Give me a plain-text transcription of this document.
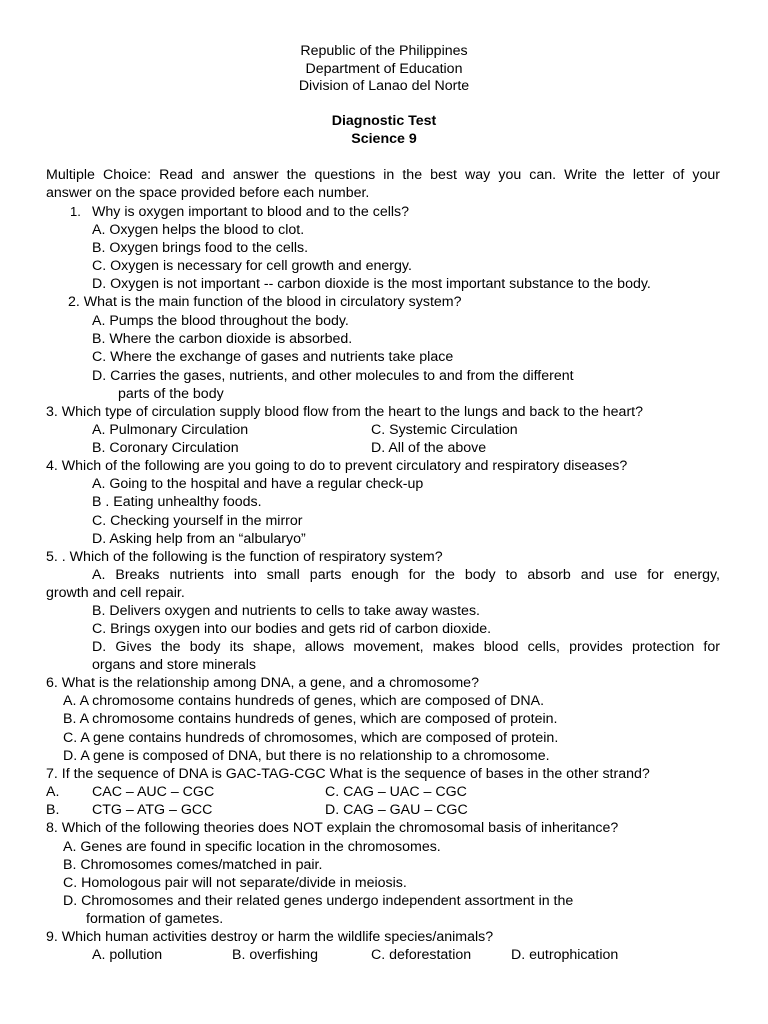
Republic of the Philippines
Department of Education
Division of Lanao del Norte
Diagnostic Test
Science 9
Multiple Choice: Read and answer the questions in the best way you can. Write the letter of your
answer on the space provided before each number.
1. Why is oxygen important to blood and to the cells?
A. Oxygen helps the blood to clot.
B. Oxygen brings food to the cells.
C. Oxygen is necessary for cell growth and energy.
D. Oxygen is not important -- carbon dioxide is the most important substance to the body.
2. What is the main function of the blood in circulatory system?
A. Pumps the blood throughout the body.
B. Where the carbon dioxide is absorbed.
C. Where the exchange of gases and nutrients take place
D. Carries the gases, nutrients, and other molecules to and from the different
parts of the body
3. Which type of circulation supply blood flow from the heart to the lungs and back to the heart?
A. Pulmonary Circulation	C. Systemic Circulation
B. Coronary Circulation	D. All of the above
4. Which of the following are you going to do to prevent circulatory and respiratory diseases?
A. Going to the hospital and have a regular check-up
B . Eating unhealthy foods.
C. Checking yourself in the mirror
D. Asking help from an “albularyo”
5. . Which of the following is the function of respiratory system?
A. Breaks nutrients into small parts enough for the body to absorb and use for energy,
growth and cell repair.
B. Delivers oxygen and nutrients to cells to take away wastes.
C. Brings oxygen into our bodies and gets rid of carbon dioxide.
D. Gives the body its shape, allows movement, makes blood cells, provides protection for
organs and store minerals
6. What is the relationship among DNA, a gene, and a chromosome?
A. A chromosome contains hundreds of genes, which are composed of DNA.
B. A chromosome contains hundreds of genes, which are composed of protein.
C. A gene contains hundreds of chromosomes, which are composed of protein.
D. A gene is composed of DNA, but there is no relationship to a chromosome.
7. If the sequence of DNA is GAC-TAG-CGC What is the sequence of bases in the other strand?
A. CAC – AUC – CGC	C. CAG – UAC – CGC
B. CTG – ATG – GCC	D. CAG – GAU – CGC
8. Which of the following theories does NOT explain the chromosomal basis of inheritance?
A. Genes are found in specific location in the chromosomes.
B. Chromosomes comes/matched in pair.
C. Homologous pair will not separate/divide in meiosis.
D. Chromosomes and their related genes undergo independent assortment in the
formation of gametes.
9. Which human activities destroy or harm the wildlife species/animals?
A. pollution	B. overfishing	C. deforestation	D. eutrophication
